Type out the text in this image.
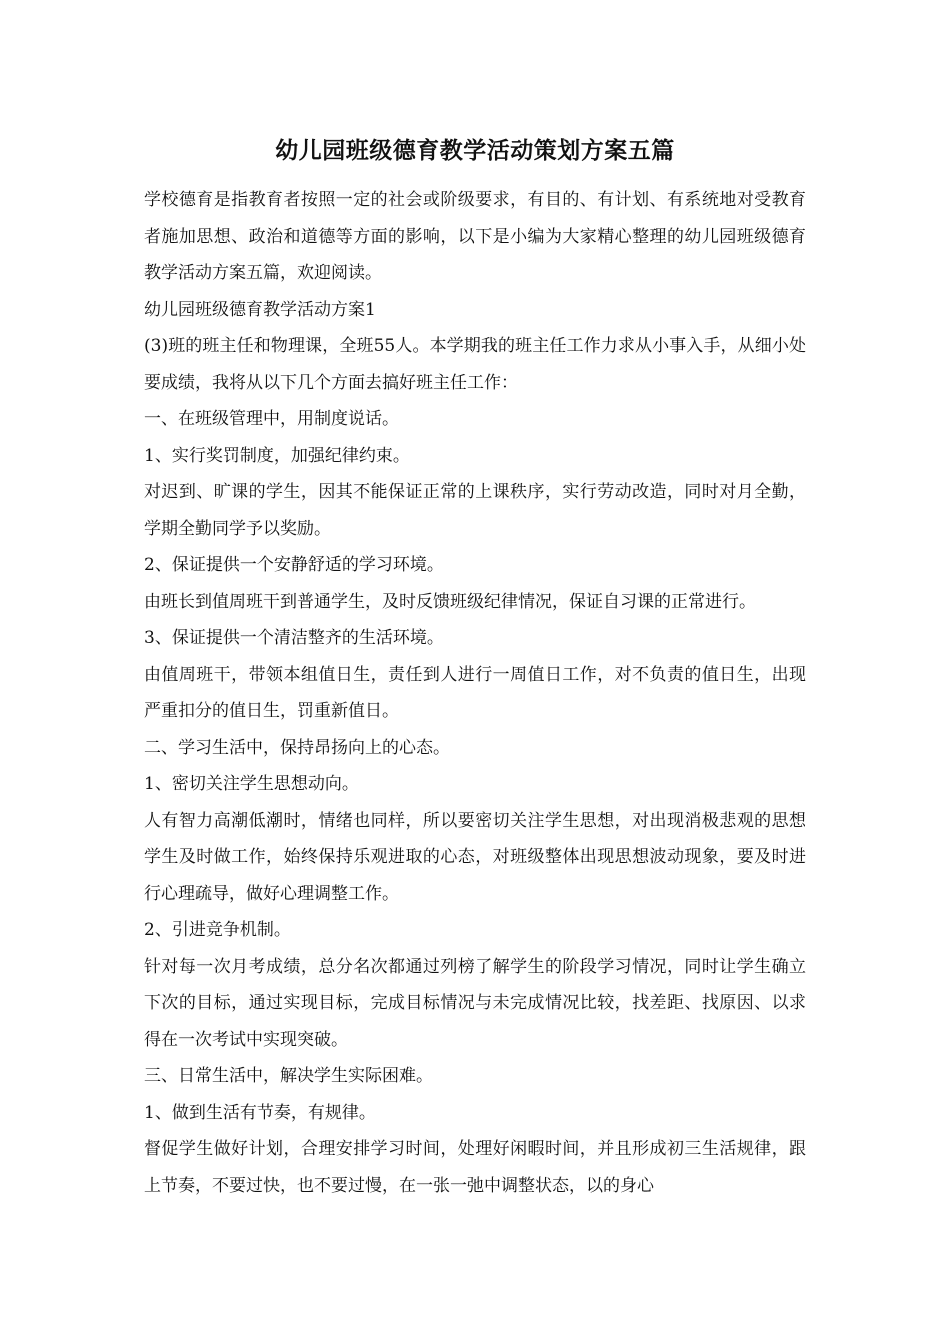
幼儿园班级德育教学活动策划方案五篇

学校德育是指教育者按照一定的社会或阶级要求，有目的、有计划、有系统地对受教育者施加思想、政治和道德等方面的影响，以下是小编为大家精心整理的幼儿园班级德育教学活动方案五篇，欢迎阅读。

幼儿园班级德育教学活动方案1

(3)班的班主任和物理课，全班55人。本学期我的班主任工作力求从小事入手，从细小处要成绩，我将从以下几个方面去搞好班主任工作：

一、在班级管理中，用制度说话。

1、实行奖罚制度，加强纪律约束。

对迟到、旷课的学生，因其不能保证正常的上课秩序，实行劳动改造，同时对月全勤，学期全勤同学予以奖励。

2、保证提供一个安静舒适的学习环境。

由班长到值周班干到普通学生，及时反馈班级纪律情况，保证自习课的正常进行。

3、保证提供一个清洁整齐的生活环境。

由值周班干，带领本组值日生，责任到人进行一周值日工作，对不负责的值日生，出现严重扣分的值日生，罚重新值日。

二、学习生活中，保持昂扬向上的心态。

1、密切关注学生思想动向。

人有智力高潮低潮时，情绪也同样，所以要密切关注学生思想，对出现消极悲观的思想学生及时做工作，始终保持乐观进取的心态，对班级整体出现思想波动现象，要及时进行心理疏导，做好心理调整工作。

2、引进竞争机制。

针对每一次月考成绩，总分名次都通过列榜了解学生的阶段学习情况，同时让学生确立下次的目标，通过实现目标，完成目标情况与未完成情况比较，找差距、找原因、以求得在一次考试中实现突破。

三、日常生活中，解决学生实际困难。

1、做到生活有节奏，有规律。

督促学生做好计划，合理安排学习时间，处理好闲暇时间，并且形成初三生活规律，跟上节奏，不要过快，也不要过慢，在一张一弛中调整状态，以的身心
